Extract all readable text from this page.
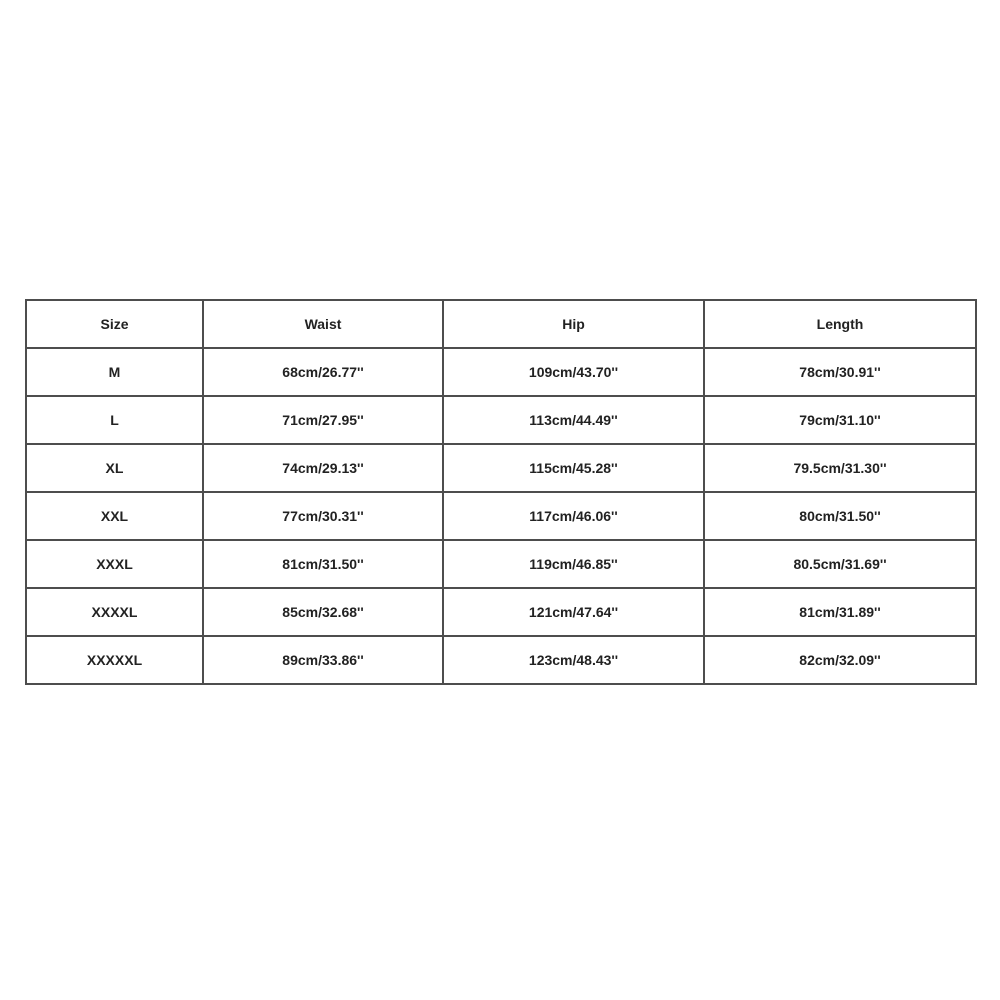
Size	Waist	Hip	Length
M	68cm/26.77''	109cm/43.70''	78cm/30.91''
L	71cm/27.95''	113cm/44.49''	79cm/31.10''
XL	74cm/29.13''	115cm/45.28''	79.5cm/31.30''
XXL	77cm/30.31''	117cm/46.06''	80cm/31.50''
XXXL	81cm/31.50''	119cm/46.85''	80.5cm/31.69''
XXXXL	85cm/32.68''	121cm/47.64''	81cm/31.89''
XXXXXL	89cm/33.86''	123cm/48.43''	82cm/32.09''
